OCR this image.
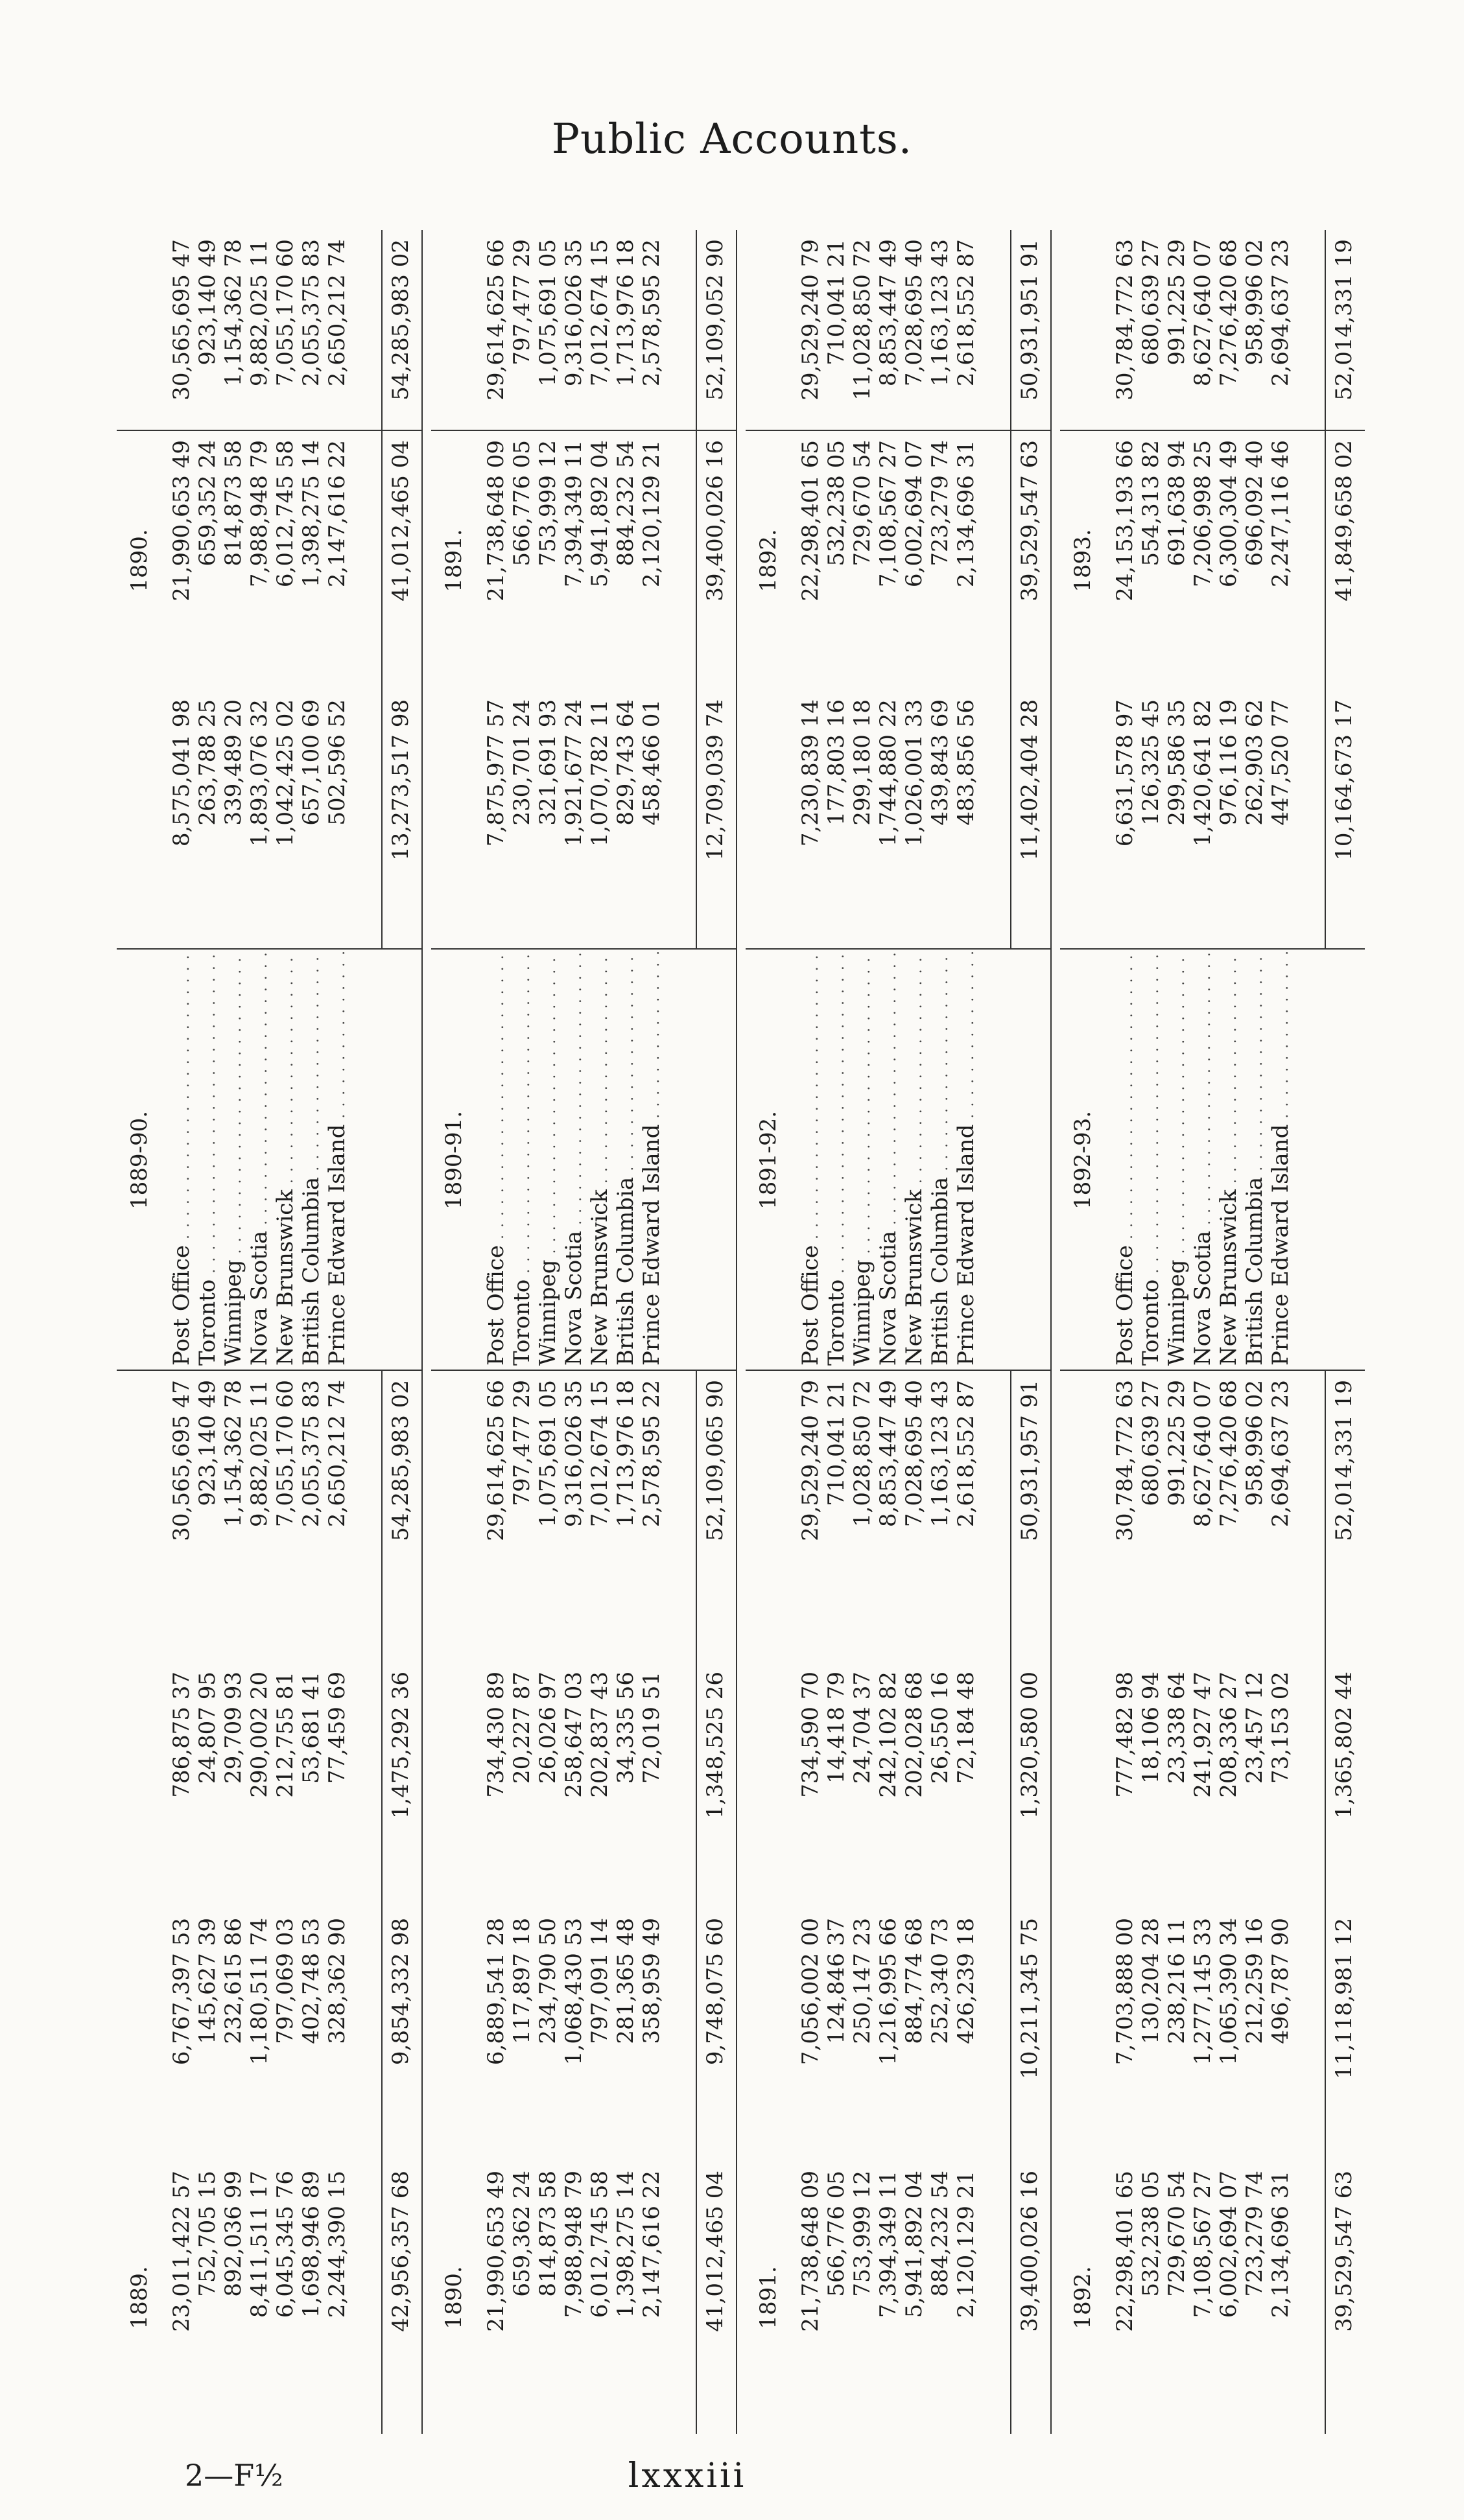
Public Accounts.
1889. 23,011,422 57 752,705 15 892,036 99 8,411,511 17 6,045,345 76 1,698,946 89 2,244,390 15 42,956,357 68
6,767,397 53 145,627 39 232,615 86 1,180,511 74 797,069 03 402,748 53 328,362 90 9,854,332 98
786,875 37 24,807 95 29,709 93 290,002 20 212,755 81 53,681 41 77,459 69 1,475,292 36
30,565,695 47 923,140 49 1,154,362 78 9,882,025 11 7,055,170 60 2,055,375 83 2,650,212 74 54,285,983 02
1889-90.
Post Office . . . Toronto . . . Winnipeg . . . Nova Scotia . . . New Brunswick . . . British Columbia . . . Prince Edward Island . . .
8,575,041 98 263,788 25 339,489 20 1,893,076 32 1,042,425 02 657,100 69 502,596 52 13,273,517 98
1890. 21,990,653 49 659,352 24 814,873 58 7,988,948 79 6,012,745 58 1,398,275 14 2,147,616 22 41,012,465 04
30,565,695 47 923,140 49 1,154,362 78 9,882,025 11 7,055,170 60 2,055,375 83 2,650,212 74 54,285,983 02
1890. 21,990,653 49 659,362 24 814,873 58 7,988,948 79 6,012,745 58 1,398,275 14 2,147,616 22 41,012,465 04
6,889,541 28 117,897 18 234,790 50 1,068,430 53 797,091 14 281,365 48 358,959 49 9,748,075 60
734,430 89 20,227 87 26,026 97 258,647 03 202,837 43 34,335 56 72,019 51 1,348,525 26
29,614,625 66 797,477 29 1,075,691 05 9,316,026 35 7,012,674 15 1,713,976 18 2,578,595 22 52,109,065 90
1890-91.
Post Office . . . Toronto . . . Winnipeg . . . Nova Scotia . . . New Brunswick . . . British Columbia . . . Prince Edward Island . . .
7,875,977 57 230,701 24 321,691 93 1,921,677 24 1,070,782 11 829,743 64 458,466 01 12,709,039 74
1891. 21,738,648 09 566,776 05 753,999 12 7,394,349 11 5,941,892 04 884,232 54 2,120,129 21 39,400,026 16
29,614,625 66 797,477 29 1,075,691 05 9,316,026 35 7,012,674 15 1,713,976 18 2,578,595 22 52,109,052 90
1891. 21,738,648 09 566,776 05 753,999 12 7,394,349 11 5,941,892 04 884,232 54 2,120,129 21 39,400,026 16
7,056,002 00 124,846 37 250,147 23 1,216,995 66 884,774 68 252,340 73 426,239 18 10,211,345 75
734,590 70 14,418 79 24,704 37 242,102 82 202,028 68 26,550 16 72,184 48 1,320,580 00
29,529,240 79 710,041 21 1,028,850 72 8,853,447 49 7,028,695 40 1,163,123 43 2,618,552 87 50,931,957 91
1891-92.
Post Office . . . Toronto . . . Winnipeg . . . Nova Scotia . . . New Brunswick . . . British Columbia . . . Prince Edward Island . . .
7,230,839 14 177,803 16 299,180 18 1,744,880 22 1,026,001 33 439,843 69 483,856 56 11,402,404 28
1892. 22,298,401 65 532,238 05 729,670 54 7,108,567 27 6,002,694 07 723,279 74 2,134,696 31 39,529,547 63
29,529,240 79 710,041 21 11,028,850 72 8,853,447 49 7,028,695 40 1,163,123 43 2,618,552 87 50,931,951 91
1892. 22,298,401 65 532,238 05 729,670 54 7,108,567 27 6,002,694 07 723,279 74 2,134,696 31 39,529,547 63
7,703,888 00 130,204 28 238,216 11 1,277,145 33 1,065,390 34 212,259 16 496,787 90 11,118,981 12
777,482 98 18,106 94 23,338 64 241,927 47 208,336 27 23,457 12 73,153 02 1,365,802 44
30,784,772 63 680,639 27 991,225 29 8,627,640 07 7,276,420 68 958,996 02 2,694,637 23 52,014,331 19
1892-93.
Post Office . . . Toronto . . . Winnipeg . . . Nova Scotia . . . New Brunswick . . . British Columbia . . . Prince Edward Island . . .
6,631,578 97 126,325 45 299,586 35 1,420,641 82 976,116 19 262,903 62 447,520 77 10,164,673 17
1893. 24,153,193 66 554,313 82 691,638 94 7,206,998 25 6,300,304 49 696,092 40 2,247,116 46 41,849,658 02
30,784,772 63 680,639 27 991,225 29 8,627,640 07 7,276,420 68 958,996 02 2,694,637 23 52,014,331 19
2—F½	lxxxiii
